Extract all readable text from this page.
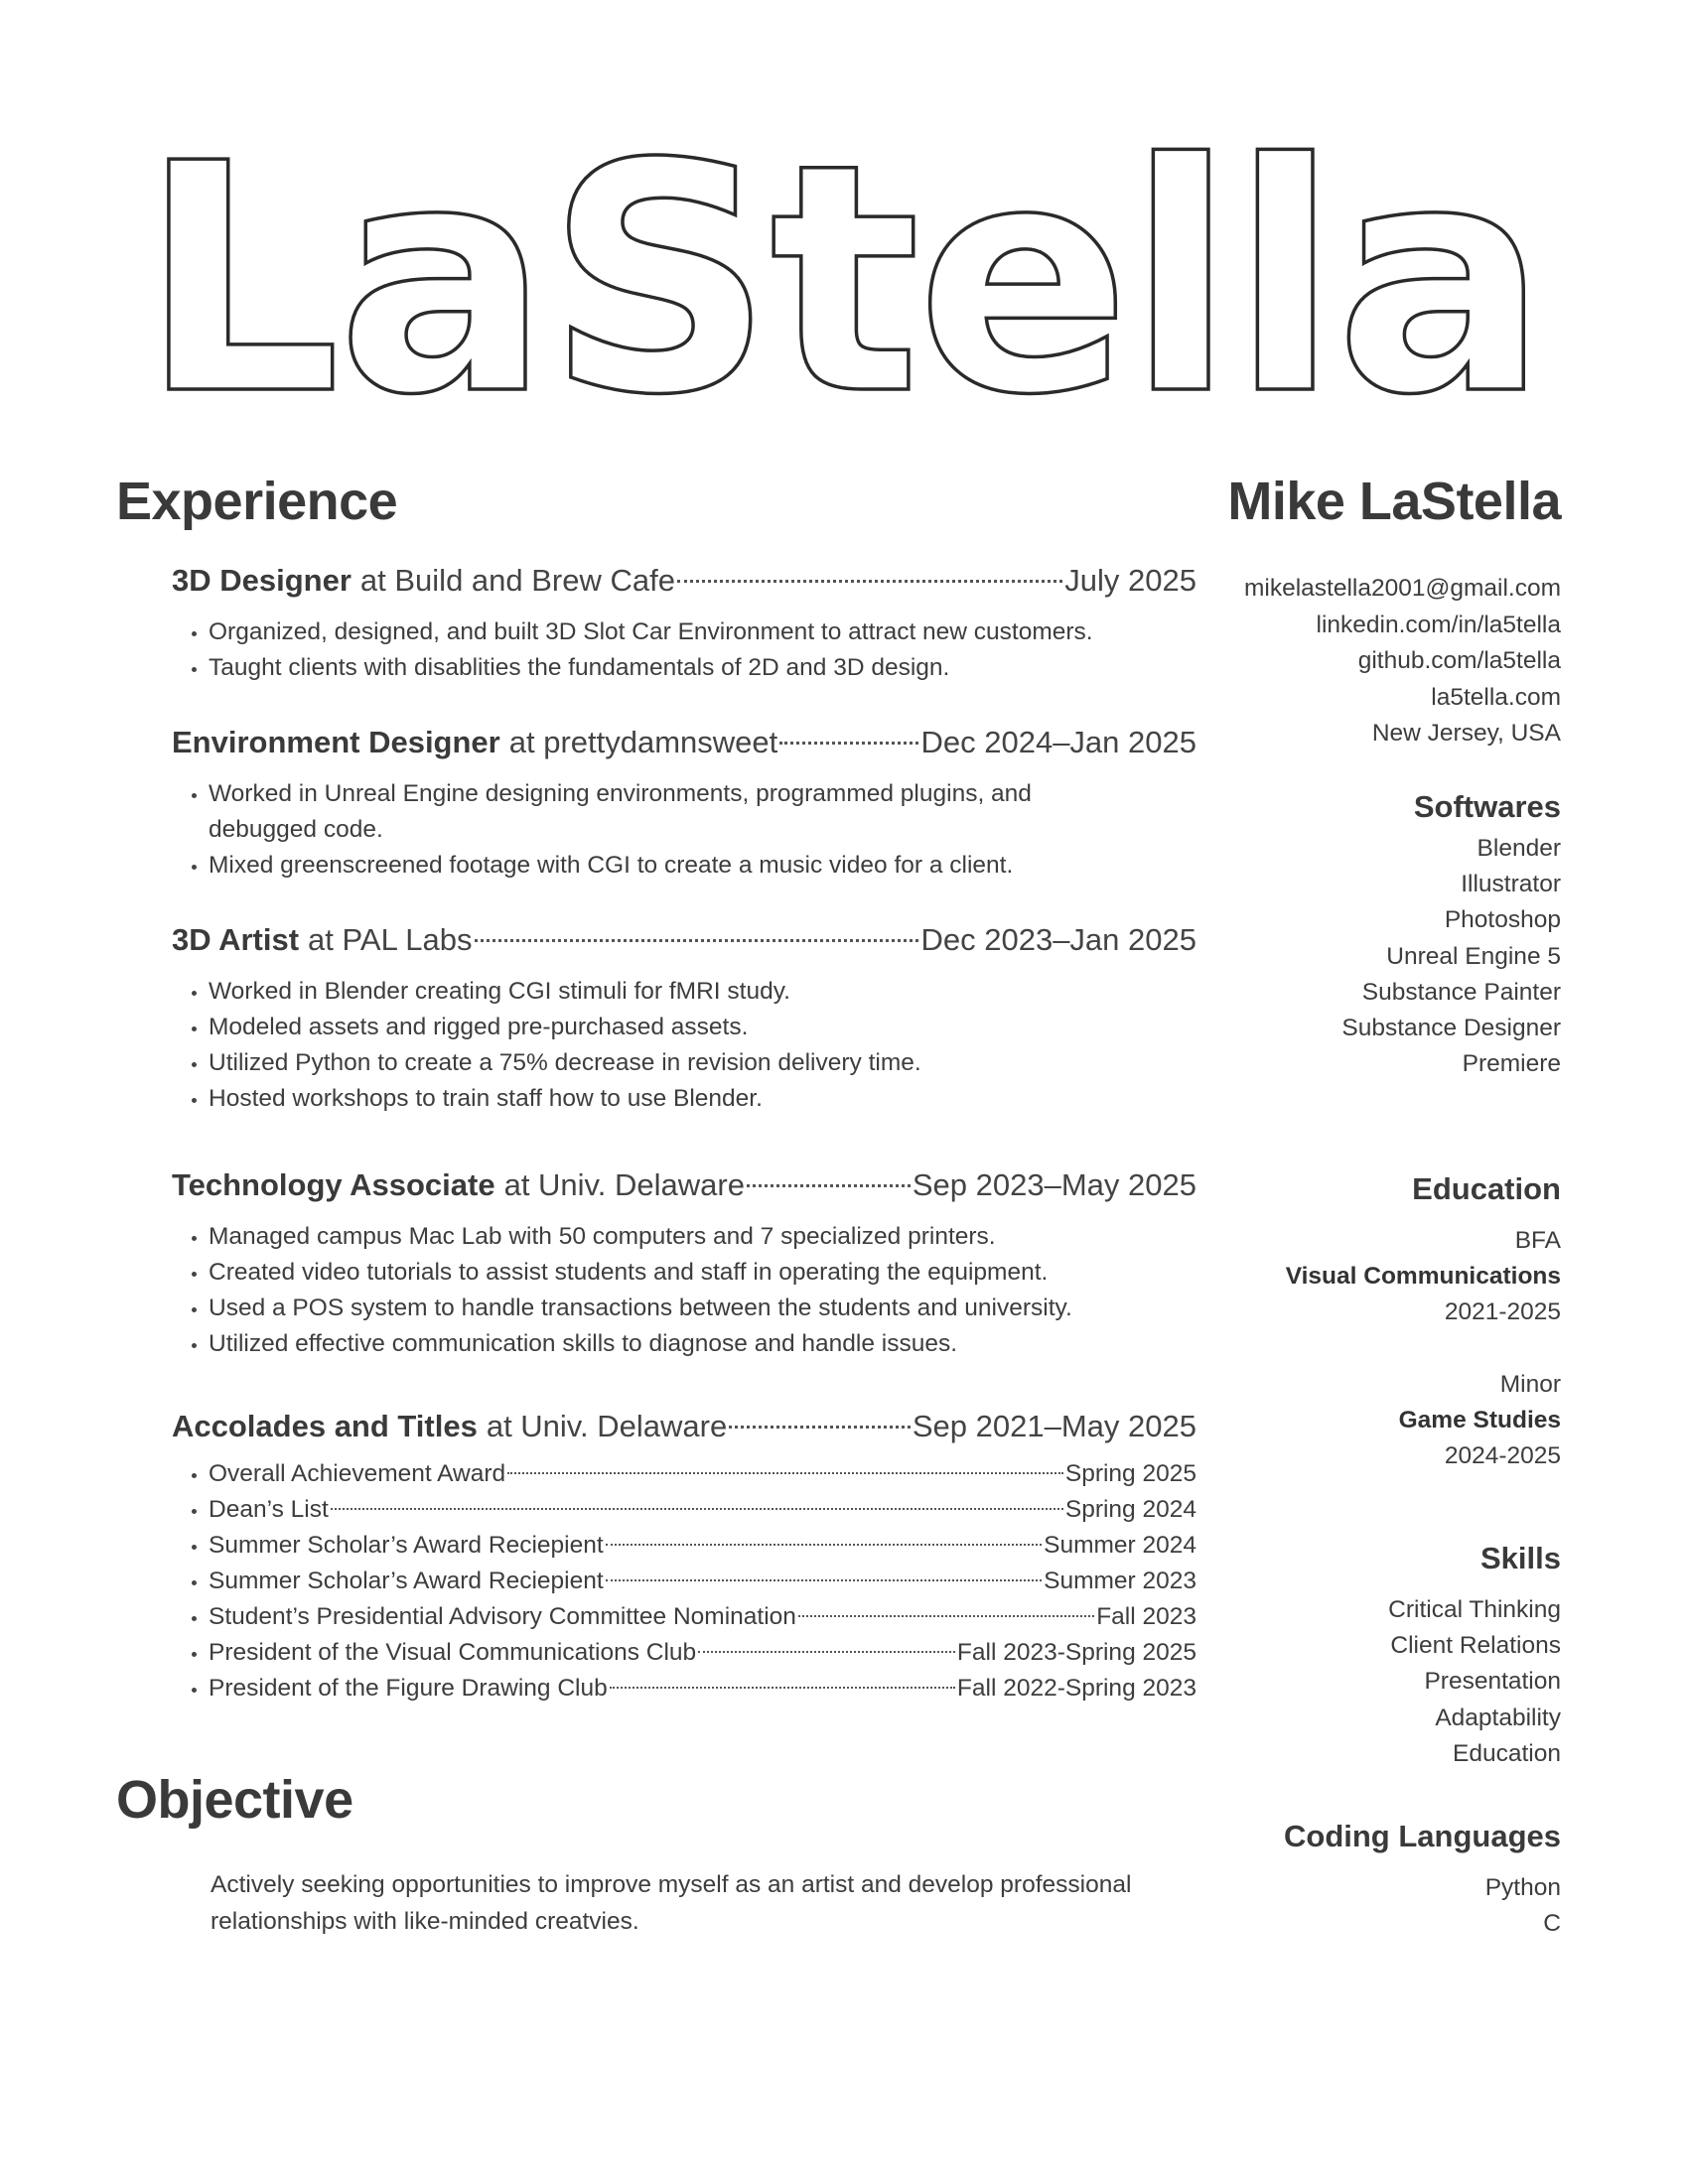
LaStella
Experience	Mike LaStella
3D Designer at Build and Brew Cafe	July 2025
Organized, designed, and built 3D Slot Car Environment to attract new customers.
Taught clients with disablities the fundamentals of 2D and 3D design.
Environment Designer at prettydamnsweet	Dec 2024–Jan 2025
Worked in Unreal Engine designing environments, programmed plugins, and debugged code.
Mixed greenscreened footage with CGI to create a music video for a client.
3D Artist at PAL Labs	Dec 2023–Jan 2025
Worked in Blender creating CGI stimuli for fMRI study.
Modeled assets and rigged pre-purchased assets.
Utilized Python to create a 75% decrease in revision delivery time.
Hosted workshops to train staff how to use Blender.
Technology Associate at Univ. Delaware	Sep 2023–May 2025
Managed campus Mac Lab with 50 computers and 7 specialized printers.
Created video tutorials to assist students and staff in operating the equipment.
Used a POS system to handle transactions between the students and university.
Utilized effective communication skills to diagnose and handle issues.
Accolades and Titles at Univ. Delaware	Sep 2021–May 2025
Overall Achievement Award	Spring 2025
Dean’s List	Spring 2024
Summer Scholar’s Award Reciepient	Summer 2024
Summer Scholar’s Award Reciepient	Summer 2023
Student’s Presidential Advisory Committee Nomination	Fall 2023
President of the Visual Communications Club	Fall 2023-Spring 2025
President of the Figure Drawing Club	Fall 2022-Spring 2023
Objective

Actively seeking opportunities to improve myself as an artist and develop professional relationships with like-minded creatvies.

mikelastella2001@gmail.com
linkedin.com/in/la5tella
github.com/la5tella
la5tella.com
New Jersey, USA
Softwares
Blender
Illustrator
Photoshop
Unreal Engine 5
Substance Painter
Substance Designer
Premiere
Education
BFA
Visual Communications
2021-2025
Minor
Game Studies
2024-2025
Skills
Critical Thinking
Client Relations
Presentation
Adaptability
Education
Coding Languages
Python
C
